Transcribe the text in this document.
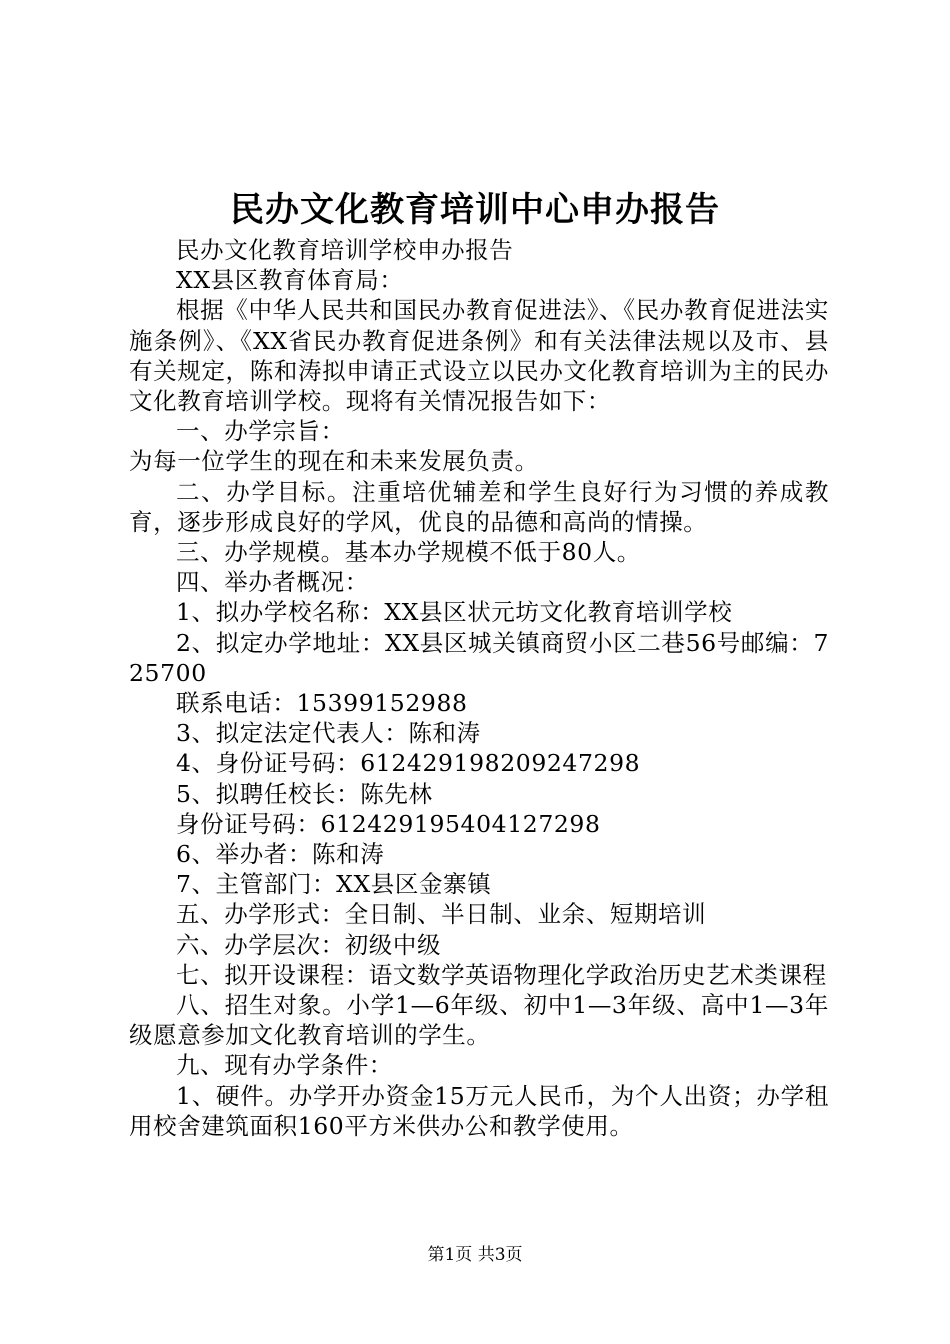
民办文化教育培训中心申办报告

民办文化教育培训学校申办报告

XX县区教育体育局：

根据《中华人民共和国民办教育促进法》、《民办教育促进法实施条例》、《XX省民办教育促进条例》和有关法律法规以及市、县有关规定，陈和涛拟申请正式设立以民办文化教育培训为主的民办文化教育培训学校。现将有关情况报告如下：

一、办学宗旨：

为每一位学生的现在和未来发展负责。

二、办学目标。注重培优辅差和学生良好行为习惯的养成教育，逐步形成良好的学风，优良的品德和高尚的情操。

三、办学规模。基本办学规模不低于80人。

四、举办者概况：

1、拟办学校名称：XX县区状元坊文化教育培训学校

2、拟定办学地址：XX县区城关镇商贸小区二巷56号邮编：725700

联系电话：15399152988

3、拟定法定代表人：陈和涛

4、身份证号码：612429198209247298

5、拟聘任校长：陈先林

身份证号码：612429195404127298

6、举办者：陈和涛

7、主管部门：XX县区金寨镇

五、办学形式：全日制、半日制、业余、短期培训

六、办学层次：初级中级

七、拟开设课程：语文数学英语物理化学政治历史艺术类课程

八、招生对象。小学1—6年级、初中1—3年级、高中1—3年级愿意参加文化教育培训的学生。

九、现有办学条件：

1、硬件。办学开办资金15万元人民币，为个人出资；办学租用校舍建筑面积160平方米供办公和教学使用。

第1页 共3页
